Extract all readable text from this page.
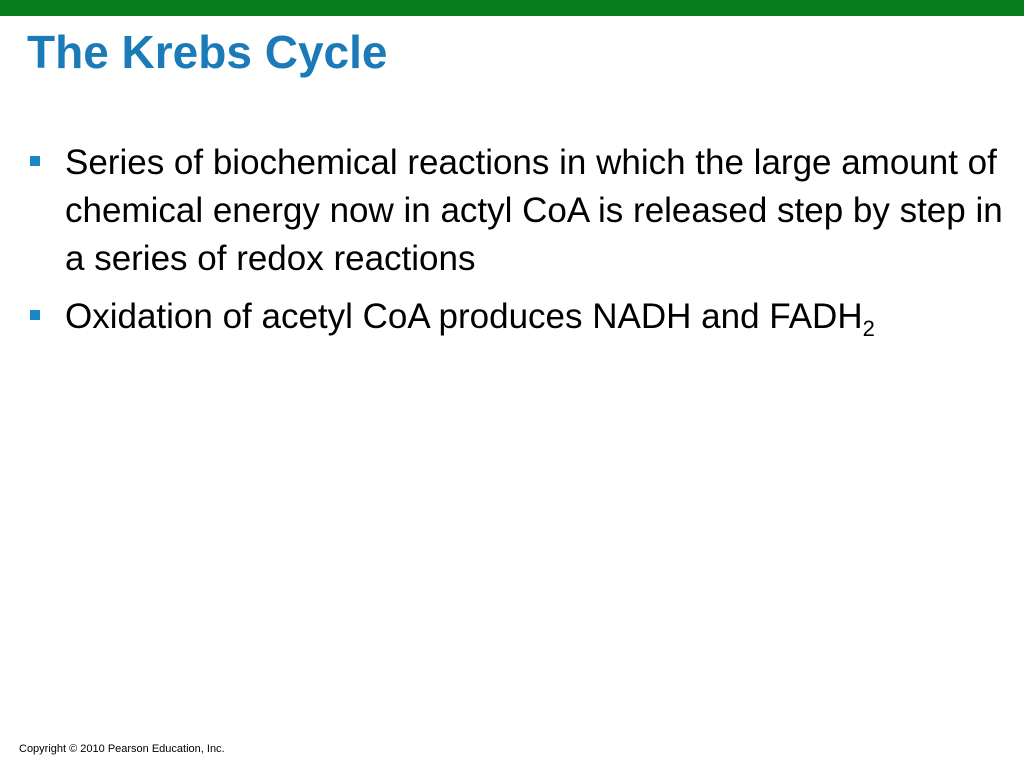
The Krebs Cycle
Series of biochemical reactions in which the large amount of chemical energy now in actyl CoA is released step by step in a series of redox reactions
Oxidation of acetyl CoA produces NADH and $FADH_2$
Copyright © 2010 Pearson Education, Inc.
